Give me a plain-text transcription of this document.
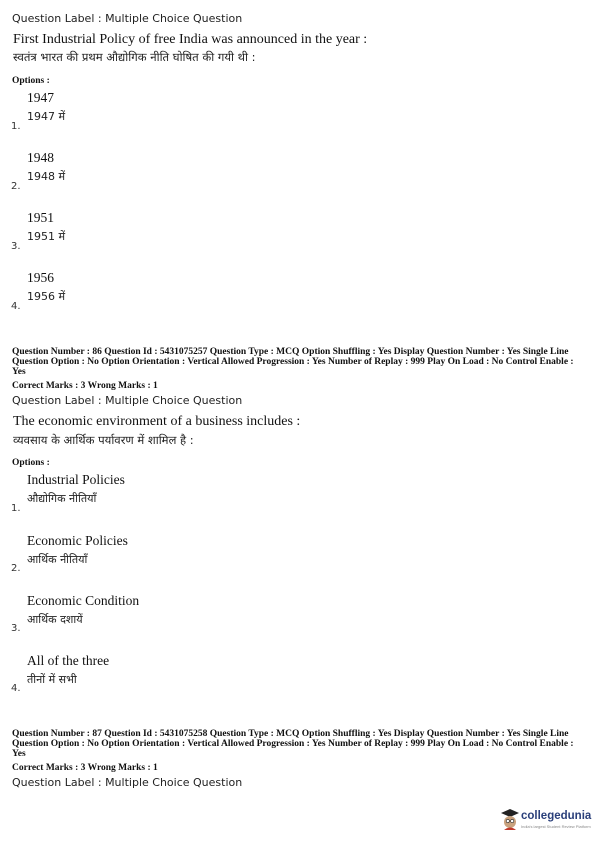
Question Label : Multiple Choice Question
First Industrial Policy of free India was announced in the year :
स्वतंत्र भारत की प्रथम औद्योगिक नीति घोषित की गयी थी :
Options :
1947
1947 में
1.
1948
1948 में
2.
1951
1951 में
3.
1956
1956 में
4.
Question Number : 86 Question Id : 5431075257 Question Type : MCQ Option Shuffling : Yes Display Question Number : Yes Single Line Question Option : No Option Orientation : Vertical Allowed Progression : Yes Number of Replay : 999 Play On Load : No Control Enable : Yes
Correct Marks : 3 Wrong Marks : 1
Question Label : Multiple Choice Question
The economic environment of a business includes :
व्यवसाय के आर्थिक पर्यावरण में शामिल है :
Options :
Industrial Policies
औद्योगिक नीतियाँ
1.
Economic Policies
आर्थिक नीतियाँ
2.
Economic Condition
आर्थिक दशायें
3.
All of the three
तीनों में सभी
4.
Question Number : 87 Question Id : 5431075258 Question Type : MCQ Option Shuffling : Yes Display Question Number : Yes Single Line Question Option : No Option Orientation : Vertical Allowed Progression : Yes Number of Replay : 999 Play On Load : No Control Enable : Yes
Correct Marks : 3 Wrong Marks : 1
Question Label : Multiple Choice Question
collegedunia
India's largest Student Review Platform
